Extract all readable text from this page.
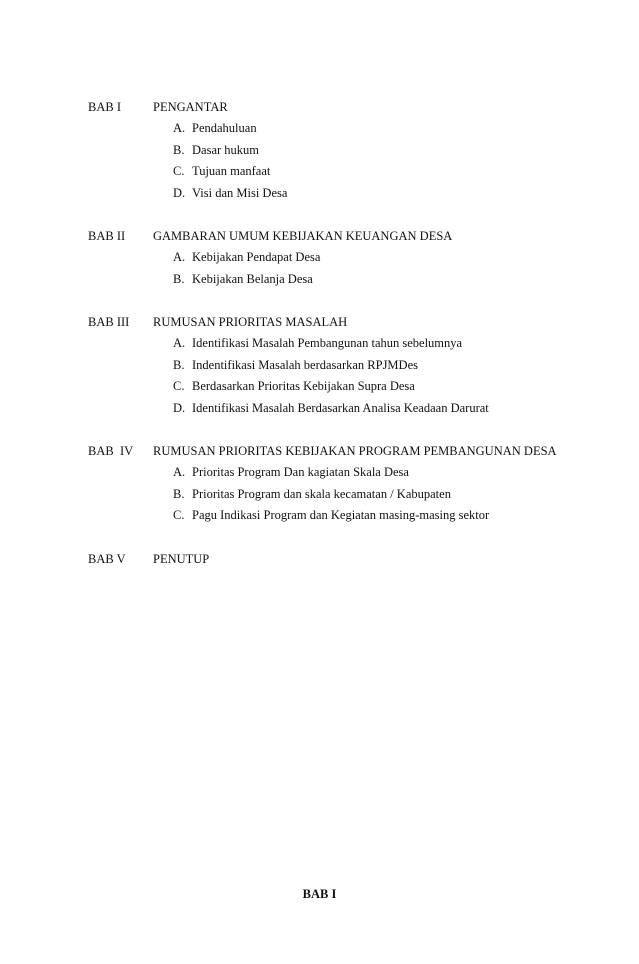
BAB I	PENGANTAR
A. Pendahuluan
B. Dasar hukum
C. Tujuan manfaat
D. Visi dan Misi Desa
BAB II	GAMBARAN UMUM KEBIJAKAN KEUANGAN DESA
A. Kebijakan Pendapat Desa
B. Kebijakan Belanja Desa
BAB III	RUMUSAN PRIORITAS MASALAH
A. Identifikasi Masalah Pembangunan tahun sebelumnya
B. Indentifikasi Masalah berdasarkan RPJMDes
C. Berdasarkan Prioritas Kebijakan Supra Desa
D. Identifikasi Masalah Berdasarkan Analisa Keadaan Darurat
BAB  IV	RUMUSAN PRIORITAS KEBIJAKAN PROGRAM PEMBANGUNAN DESA
A. Prioritas Program Dan kagiatan Skala Desa
B. Prioritas Program dan skala kecamatan / Kabupaten
C. Pagu Indikasi Program dan Kegiatan masing-masing sektor
BAB V	PENUTUP
BAB I
